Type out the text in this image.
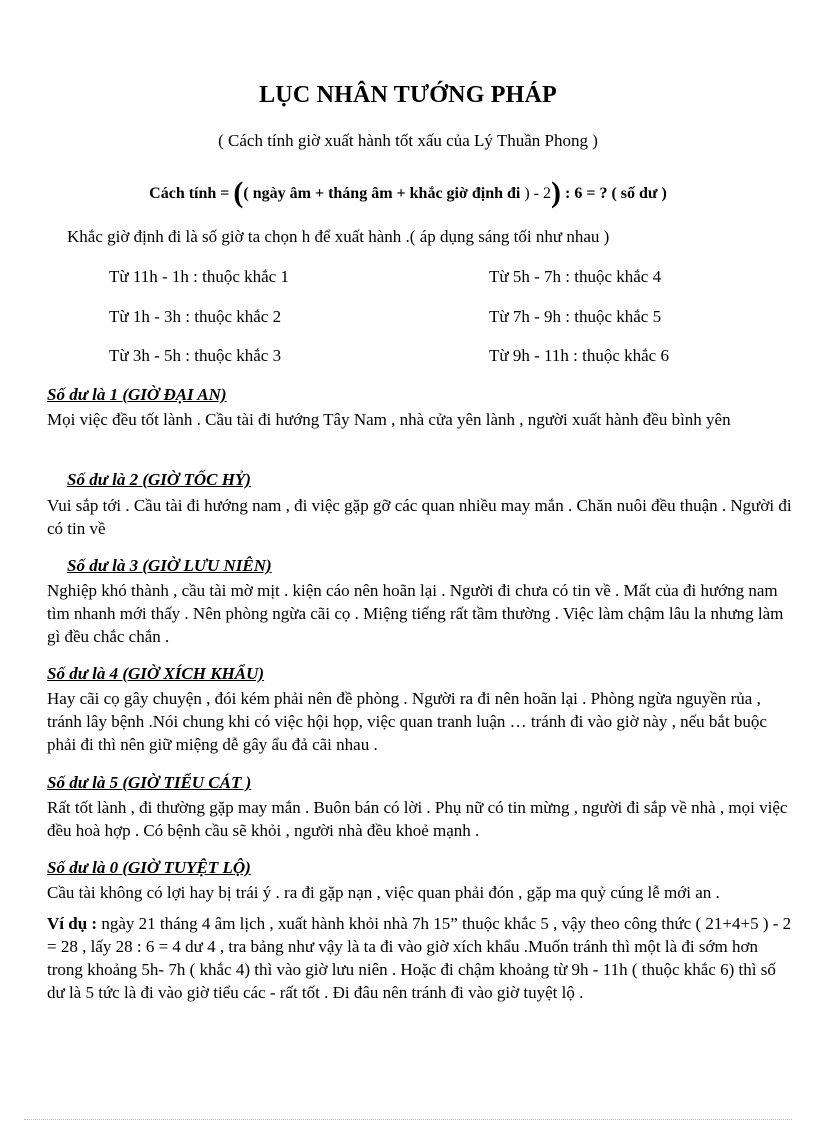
LỤC NHÂN TƯỚNG PHÁP
( Cách tính giờ xuất hành tốt xấu của Lý Thuần Phong )
Cách tính = (( ngày âm + tháng âm + khắc giờ định đi ) - 2) : 6 = ? ( số dư )
Khắc giờ định đi là số giờ ta chọn h để xuất hành .( áp dụng sáng tối như nhau )
Từ 11h - 1h : thuộc khắc 1
Từ 1h - 3h : thuộc khắc 2
Từ 3h - 5h : thuộc khắc 3
Từ 5h - 7h : thuộc khắc 4
Từ 7h - 9h : thuộc khắc 5
Từ 9h - 11h : thuộc khắc 6
Số dư là 1 (GIỜ ĐẠI AN)

Mọi việc đều tốt lành . Cầu tài đi hướng Tây Nam , nhà cửa yên lành , người xuất hành đều bình yên

Số dư là 2 (GIỜ TỐC HỶ)

Vui sắp tới . Cầu tài đi hướng nam , đi việc gặp gỡ các quan nhiều may mắn . Chăn nuôi đều thuận . Người đi có tin về

Số dư là 3 (GIỜ LƯU NIÊN)

Nghiệp khó thành , cầu tài mờ mịt . kiện cáo nên hoãn lại . Người đi chưa có tin về . Mất của đi hướng nam tìm nhanh mới thấy . Nên phòng ngừa cãi cọ . Miệng tiếng rất tầm thường . Việc làm chậm lâu la nhưng làm gì đều chắc chắn .

Số dư là 4 (GIỜ XÍCH KHẨU)

Hay cãi cọ gây chuyện , đói kém phải nên đề phòng . Người ra đi nên hoãn lại . Phòng ngừa nguyền rủa , tránh lây bệnh .Nói chung khi có việc hội họp, việc quan tranh luận … tránh đi vào giờ này , nếu bắt buộc phải đi thì nên giữ miệng dễ gây ẩu đả cãi nhau .

Số dư là 5 (GIỜ TIỂU CÁT )

Rất tốt lành , đi thường gặp may mắn . Buôn bán có lời . Phụ nữ có tin mừng , người đi sắp về nhà , mọi việc đều hoà hợp . Có bệnh cầu sẽ khỏi , người nhà đều khoẻ mạnh .

Số dư là 0 (GIỜ TUYỆT LỘ)

Cầu tài không có lợi hay bị trái ý . ra đi gặp nạn , việc quan phải đón , gặp ma quỷ cúng lễ mới an .

Ví dụ : ngày 21 tháng 4 âm lịch , xuất hành khỏi nhà 7h 15” thuộc khắc 5 , vậy theo công thức ( 21+4+5 ) - 2 = 28 , lấy 28 : 6 = 4 dư 4 , tra bảng như vậy là ta đi vào giờ xích khẩu .Muốn tránh thì một là đi sớm hơn trong khoảng 5h- 7h ( khắc 4) thì vào giờ lưu niên . Hoặc đi chậm khoảng từ 9h - 11h ( thuộc khắc 6) thì số dư là 5 tức là đi vào giờ tiểu các - rất tốt . Đi đâu nên tránh đi vào giờ tuyệt lộ .
